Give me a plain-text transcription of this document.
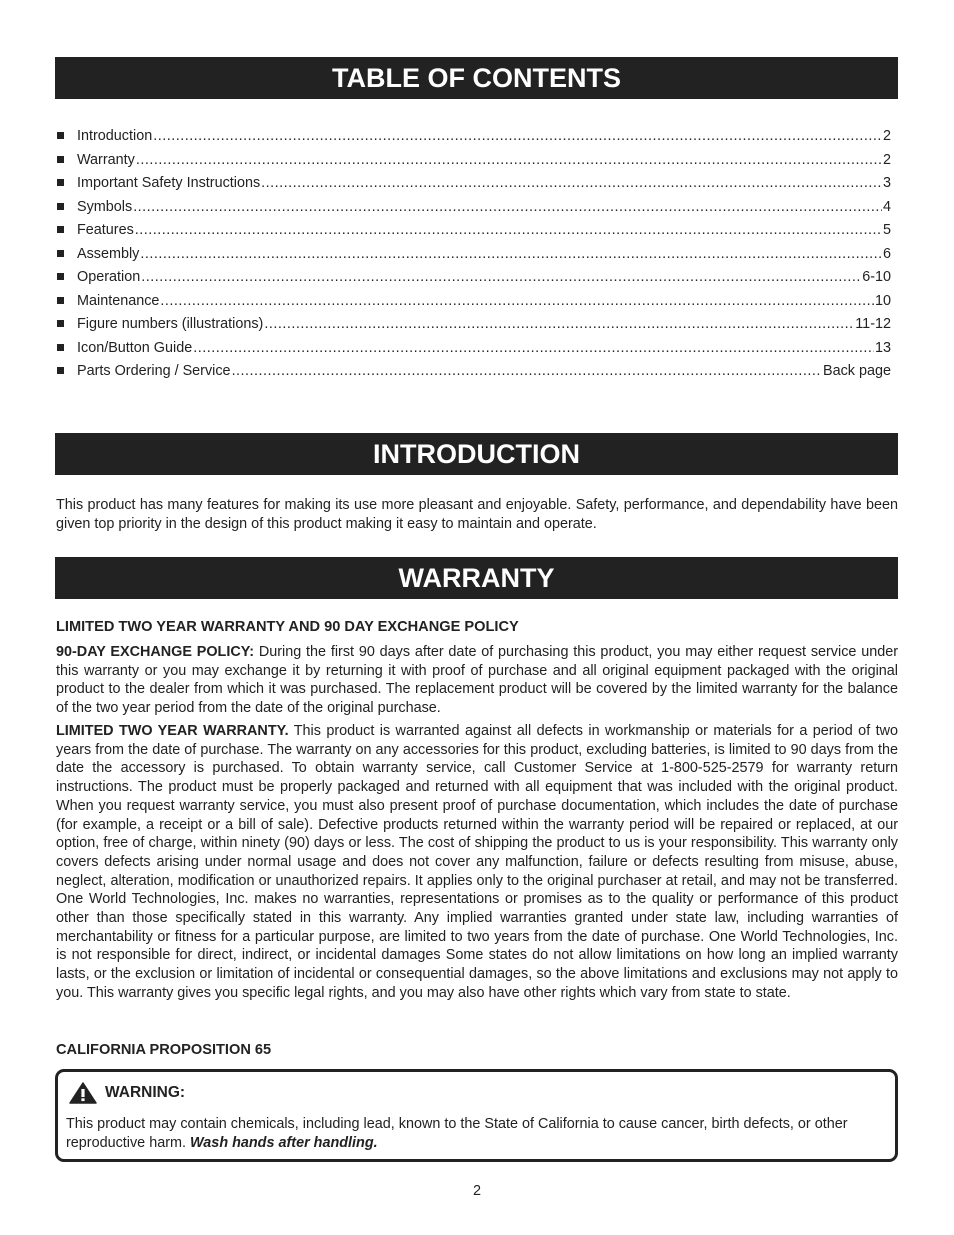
TABLE OF CONTENTS
Introduction .....	2
Warranty .....	2
Important Safety Instructions .....	3
Symbols .....	4
Features .....	5
Assembly .....	6
Operation .....	6-10
Maintenance .....	10
Figure numbers (illustrations) .....	11-12
Icon/Button Guide .....	13
Parts Ordering / Service .....	Back page
INTRODUCTION

This product has many features for making its use more pleasant and enjoyable. Safety, performance, and dependability have been given top priority in the design of this product making it easy to maintain and operate.

WARRANTY

LIMITED TWO YEAR WARRANTY AND 90 DAY EXCHANGE POLICY

90-DAY EXCHANGE POLICY: During the first 90 days after date of purchasing this product, you may either request service under this warranty or you may exchange it by returning it with proof of purchase and all original equipment packaged with the original product to the dealer from which it was purchased. The replacement product will be covered by the limited warranty for the balance of the two year period from the date of the original purchase.

LIMITED TWO YEAR WARRANTY. This product is warranted against all defects in workmanship or materials for a period of two years from the date of purchase. The warranty on any accessories for this product, excluding batteries, is limited to 90 days from the date the accessory is purchased. To obtain warranty service, call Customer Service at 1-800-525-2579 for warranty return instructions. The product must be properly packaged and returned with all equipment that was included with the original product. When you request warranty service, you must also present proof of purchase documentation, which includes the date of purchase (for example, a receipt or a bill of sale). Defective products returned within the warranty period will be repaired or replaced, at our option, free of charge, within ninety (90) days or less. The cost of shipping the product to us is your responsibility. This warranty only covers defects arising under normal usage and does not cover any malfunction, failure or defects resulting from misuse, abuse, neglect, alteration, modification or unauthorized repairs. It applies only to the original purchaser at retail, and may not be transferred. One World Technologies, Inc. makes no warranties, representations or promises as to the quality or performance of this product other than those specifically stated in this warranty. Any implied warranties granted under state law, including warranties of merchantability or fitness for a particular purpose, are limited to two years from the date of purchase. One World Technologies, Inc. is not responsible for direct, indirect, or incidental damages Some states do not allow limitations on how long an implied warranty lasts, or the exclusion or limitation of incidental or consequential damages, so the above limitations and exclusions may not apply to you. This warranty gives you specific legal rights, and you may also have other rights which vary from state to state.

CALIFORNIA PROPOSITION 65

WARNING:

This product may contain chemicals, including lead, known to the State of California to cause cancer, birth defects, or other reproductive harm. Wash hands after handling.

2
